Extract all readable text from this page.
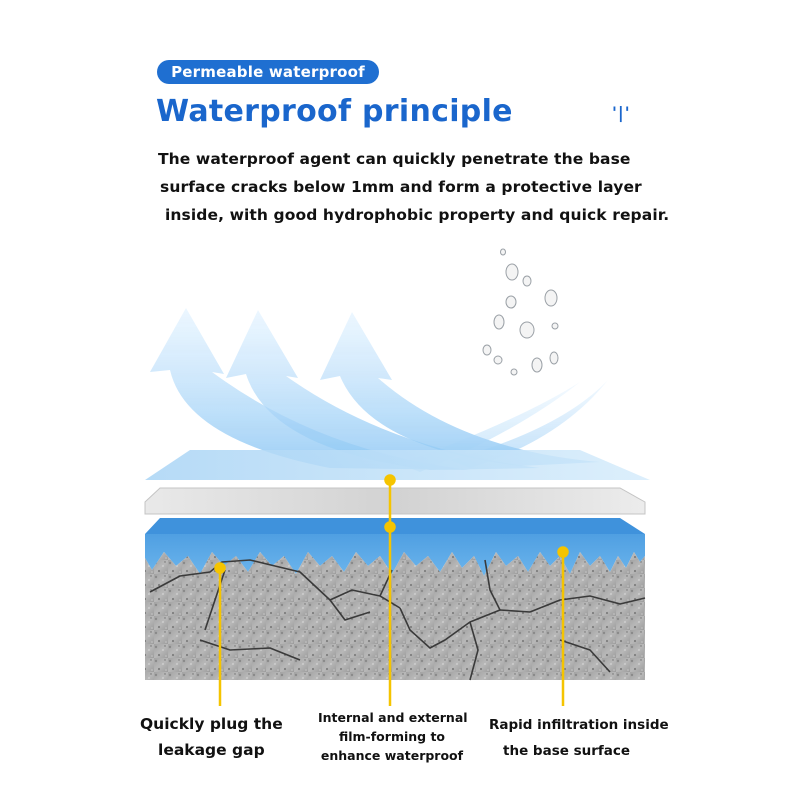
Permeable waterproof
Waterproof principle	'|'
The waterproof agent can quickly penetrate the base
surface cracks below 1mm and form a protective layer
inside, with good hydrophobic property and quick repair.
Quickly plug the
leakage gap
Internal and external
film-forming to
enhance waterproof
Rapid infiltration inside
the base surface
